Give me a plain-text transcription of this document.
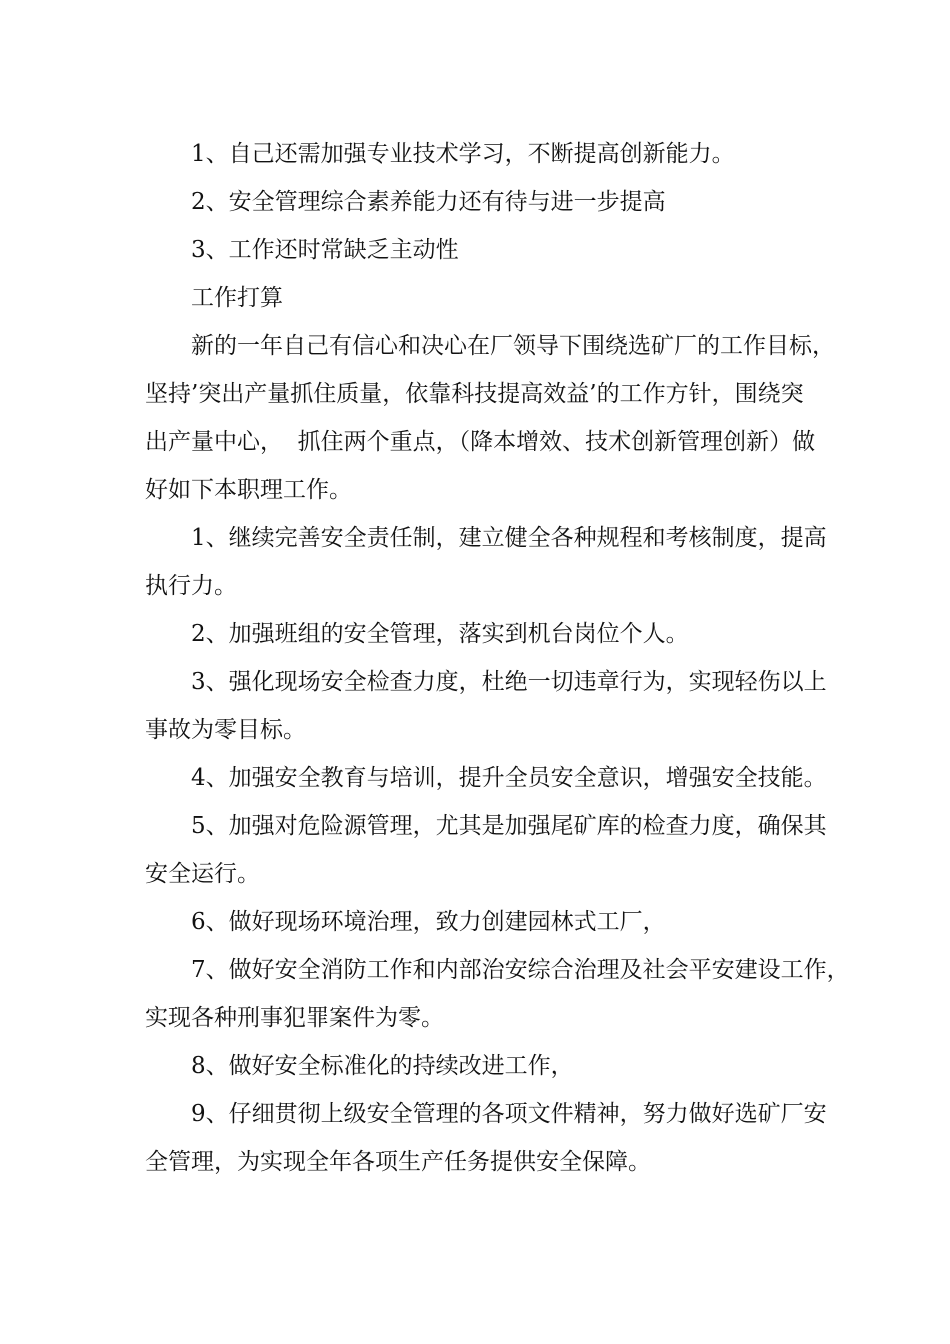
1、自己还需加强专业技术学习，不断提高创新能力。
2、安全管理综合素养能力还有待与进一步提高
3、工作还时常缺乏主动性
工作打算
新的一年自己有信心和决心在厂领导下围绕选矿厂的工作目标，
坚持’突出产量抓住质量，依靠科技提高效益’的工作方针，围绕突
出产量中心，  抓住两个重点，（降本增效、技术创新管理创新）做
好如下本职理工作。
1、继续完善安全责任制，建立健全各种规程和考核制度，提高
执行力。
2、加强班组的安全管理，落实到机台岗位个人。
3、强化现场安全检查力度，杜绝一切违章行为，实现轻伤以上
事故为零目标。
4、加强安全教育与培训，提升全员安全意识，增强安全技能。
5、加强对危险源管理，尤其是加强尾矿库的检查力度，确保其
安全运行。
6、做好现场环境治理，致力创建园林式工厂，
7、做好安全消防工作和内部治安综合治理及社会平安建设工作，
实现各种刑事犯罪案件为零。
8、做好安全标准化的持续改进工作，
9、仔细贯彻上级安全管理的各项文件精神，努力做好选矿厂安
全管理，为实现全年各项生产任务提供安全保障。
